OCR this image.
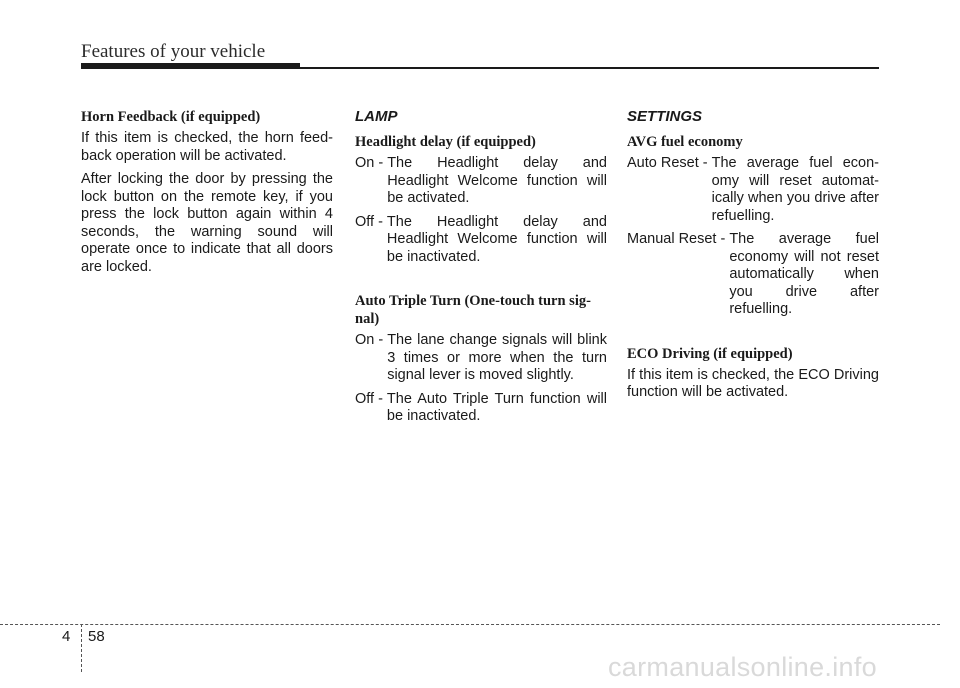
Features of your vehicle
Horn Feedback (if equipped)
If this item is checked, the horn feed-back operation will be activated.
After locking the door by pressing the lock button on the remote key, if you press the lock button again within 4 seconds, the warning sound will operate once to indicate that all doors are locked.
LAMP
Headlight delay (if equipped)
On - The Headlight delay and Headlight Welcome function will be activated.
Off - The Headlight delay and Headlight Welcome function will be inactivated.
Auto Triple Turn (One-touch turn sig-nal)
On - The lane change signals will blink 3 times or more when the turn signal lever is moved slightly.
Off - The Auto Triple Turn function will be inactivated.
SETTINGS
AVG fuel economy
Auto Reset - The average fuel econ-omy will reset automat-ically when you drive after refuelling.
Manual Reset - The average fuel economy will not reset automatically when you drive after refuelling.
ECO Driving (if equipped)
If this item is checked, the ECO Driving function will be activated.
4 58
carmanualsonline.info
